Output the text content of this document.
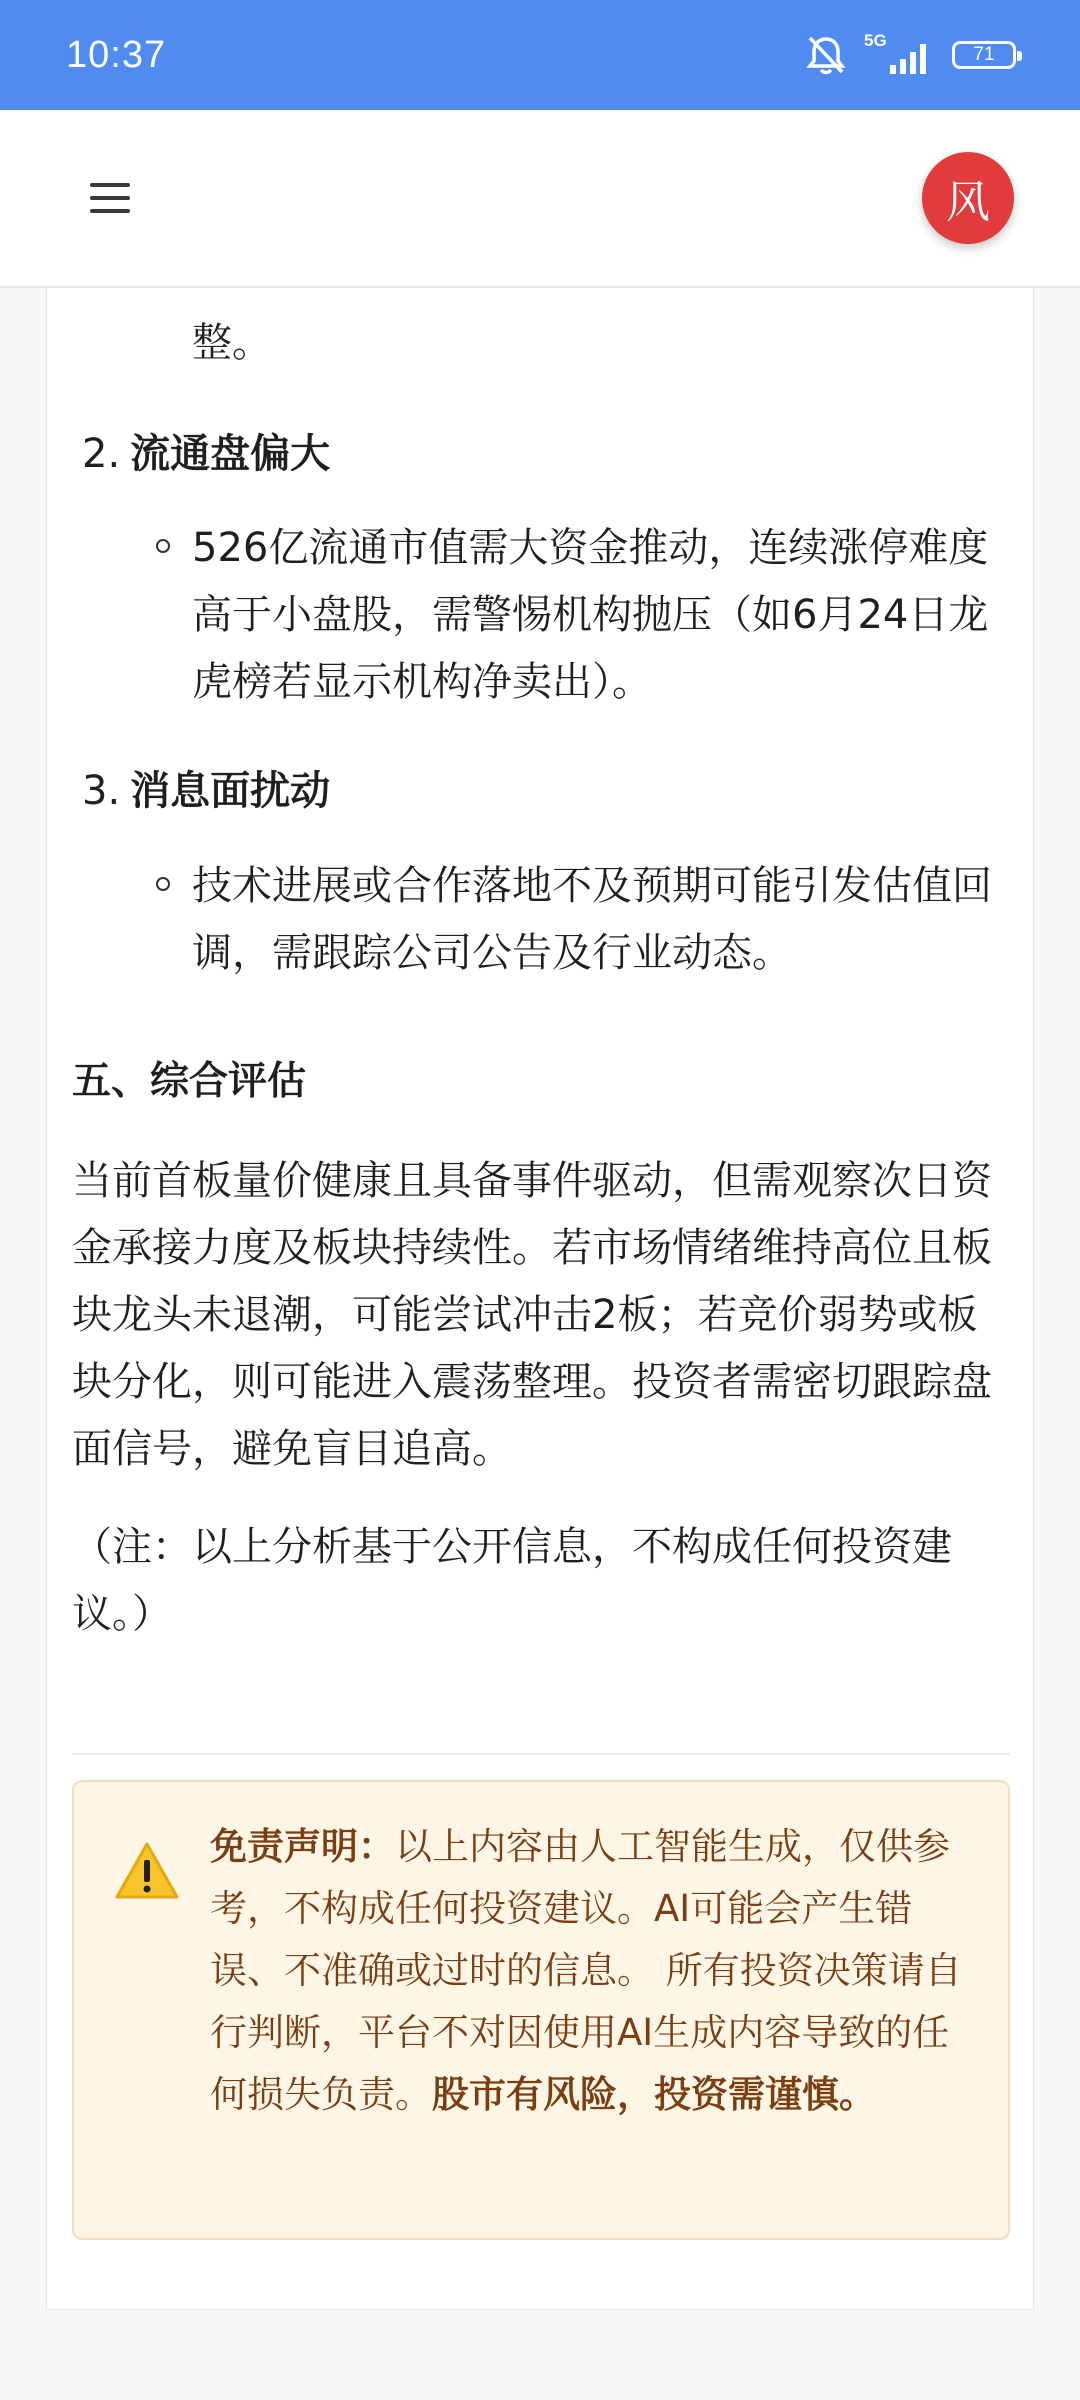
10:37	5G
71
整。
2. 流通盘偏大
526亿流通市值需大资金推动，连续涨停难度高于小盘股，需警惕机构抛压（如6月24日龙虎榜若显示机构净卖出）。
3. 消息面扰动
技术进展或合作落地不及预期可能引发估值回调，需跟踪公司公告及行业动态。
五、综合评估
当前首板量价健康且具备事件驱动，但需观察次日资金承接力度及板块持续性。若市场情绪维持高位且板块龙头未退潮，可能尝试冲击2板；若竞价弱势或板块分化，则可能进入震荡整理。投资者需密切跟踪盘面信号，避免盲目追高。
（注：以上分析基于公开信息，不构成任何投资建议。）
风
免责声明：以上内容由人工智能生成，仅供参考，不构成任何投资建议。AI可能会产生错误、不准确或过时的信息。 所有投资决策请自行判断，平台不对因使用AI生成内容导致的任何损失负责。股市有风险，投资需谨慎。
